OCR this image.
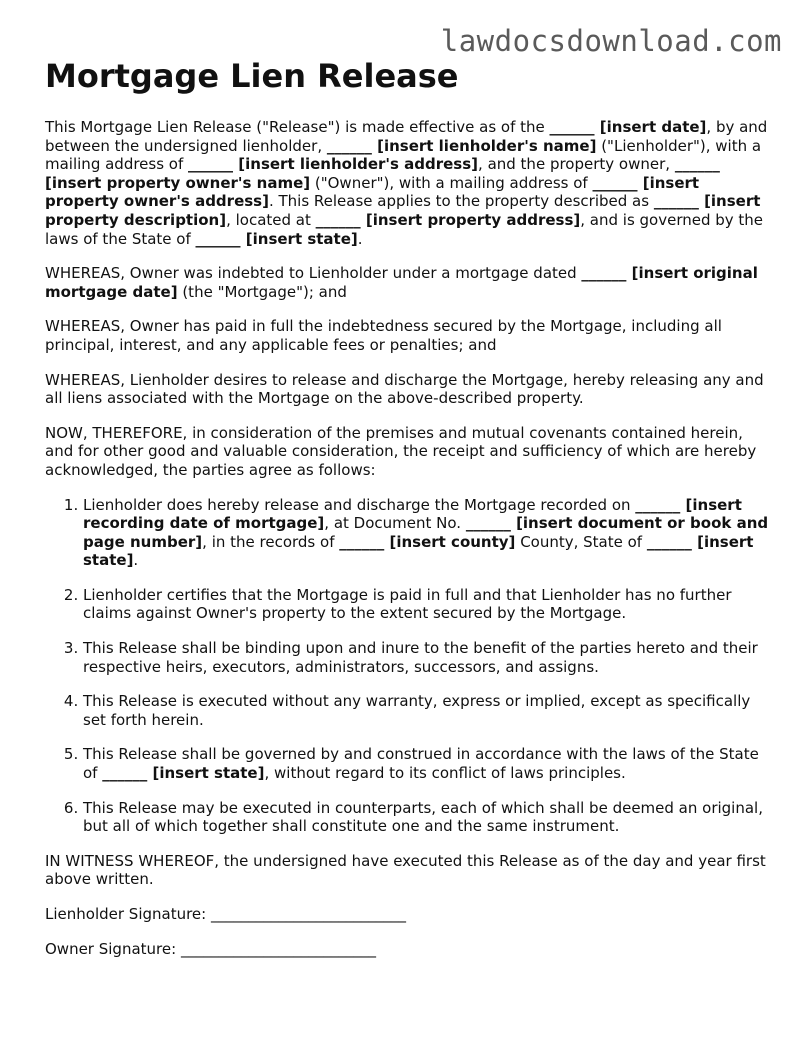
lawdocsdownload.com
Mortgage Lien Release

This Mortgage Lien Release ("Release") is made effective as of the ______ [insert date], by and between the undersigned lienholder, ______ [insert lienholder's name] ("Lienholder"), with a mailing address of ______ [insert lienholder's address], and the property owner, ______ [insert property owner's name] ("Owner"), with a mailing address of ______ [insert property owner's address]. This Release applies to the property described as ______ [insert property description], located at ______ [insert property address], and is governed by the laws of the State of ______ [insert state].

WHEREAS, Owner was indebted to Lienholder under a mortgage dated ______ [insert original mortgage date] (the "Mortgage"); and

WHEREAS, Owner has paid in full the indebtedness secured by the Mortgage, including all principal, interest, and any applicable fees or penalties; and

WHEREAS, Lienholder desires to release and discharge the Mortgage, hereby releasing any and all liens associated with the Mortgage on the above-described property.

NOW, THEREFORE, in consideration of the premises and mutual covenants contained herein, and for other good and valuable consideration, the receipt and sufficiency of which are hereby acknowledged, the parties agree as follows:

1. Lienholder does hereby release and discharge the Mortgage recorded on ______ [insert recording date of mortgage], at Document No. ______ [insert document or book and page number], in the records of ______ [insert county] County, State of ______ [insert state].
2. Lienholder certifies that the Mortgage is paid in full and that Lienholder has no further claims against Owner's property to the extent secured by the Mortgage.
3. This Release shall be binding upon and inure to the benefit of the parties hereto and their respective heirs, executors, administrators, successors, and assigns.
4. This Release is executed without any warranty, express or implied, except as specifically set forth herein.
5. This Release shall be governed by and construed in accordance with the laws of the State of ______ [insert state], without regard to its conflict of laws principles.
6. This Release may be executed in counterparts, each of which shall be deemed an original, but all of which together shall constitute one and the same instrument.

IN WITNESS WHEREOF, the undersigned have executed this Release as of the day and year first above written.

Lienholder Signature: __________________________

Owner Signature: __________________________
